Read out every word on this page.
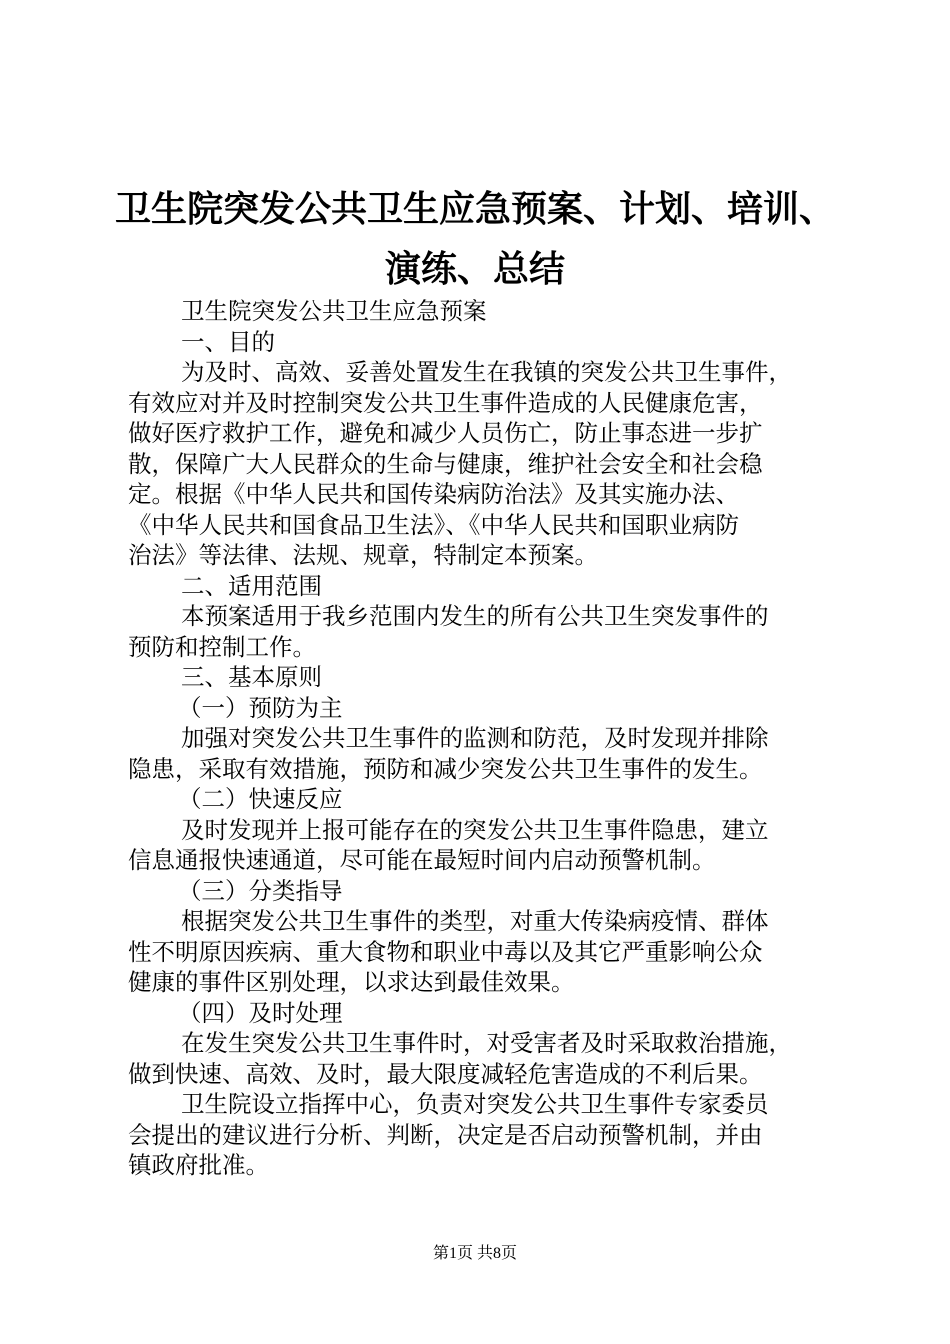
卫生院突发公共卫生应急预案、计划、培训、
演练、总结
卫生院突发公共卫生应急预案
一、目的
为及时、高效、妥善处置发生在我镇的突发公共卫生事件，
有效应对并及时控制突发公共卫生事件造成的人民健康危害，
做好医疗救护工作，避免和减少人员伤亡，防止事态进一步扩
散，保障广大人民群众的生命与健康，维护社会安全和社会稳
定。根据《中华人民共和国传染病防治法》及其实施办法、
《中华人民共和国食品卫生法》、《中华人民共和国职业病防
治法》等法律、法规、规章，特制定本预案。
二、适用范围
本预案适用于我乡范围内发生的所有公共卫生突发事件的
预防和控制工作。
三、基本原则
（一）预防为主
加强对突发公共卫生事件的监测和防范，及时发现并排除
隐患，采取有效措施，预防和减少突发公共卫生事件的发生。
（二）快速反应
及时发现并上报可能存在的突发公共卫生事件隐患，建立
信息通报快速通道，尽可能在最短时间内启动预警机制。
（三）分类指导
根据突发公共卫生事件的类型，对重大传染病疫情、群体
性不明原因疾病、重大食物和职业中毒以及其它严重影响公众
健康的事件区别处理，以求达到最佳效果。
（四）及时处理
在发生突发公共卫生事件时，对受害者及时采取救治措施，
做到快速、高效、及时，最大限度减轻危害造成的不利后果。
卫生院设立指挥中心，负责对突发公共卫生事件专家委员
会提出的建议进行分析、判断，决定是否启动预警机制，并由
镇政府批准。
第1页 共8页
